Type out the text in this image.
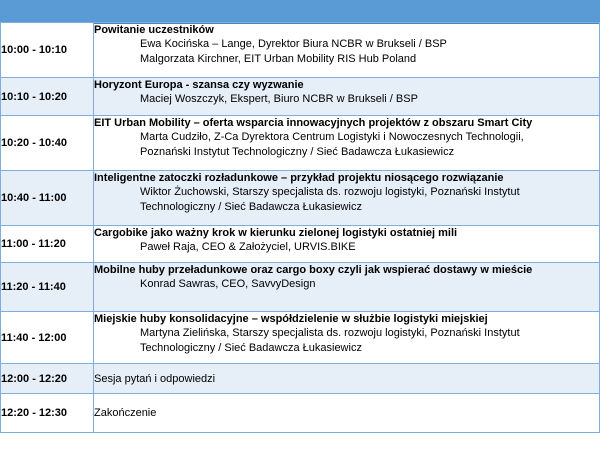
10:00 - 10:10	Powitanie uczestników
Ewa Kocińska – Lange, Dyrektor Biura NCBR w Brukseli / BSP
Malgorzata Kirchner, EIT Urban Mobility RIS Hub Poland

10:10 - 10:20	Horyzont Europa - szansa czy wyzwanie
Maciej Woszczyk, Ekspert, Biuro NCBR w Brukseli / BSP

10:20 - 10:40	EIT Urban Mobility – oferta wsparcia innowacyjnych projektów z obszaru Smart City
Marta Cudziło, Z-Ca Dyrektora Centrum Logistyki i Nowoczesnych Technologii,
Poznański Instytut Technologiczny / Sieć Badawcza Łukasiewicz

10:40 - 11:00	Inteligentne zatoczki rozładunkowe – przykład projektu niosącego rozwiązanie
Wiktor Żuchowski, Starszy specjalista ds. rozwoju logistyki, Poznański Instytut
Technologiczny / Sieć Badawcza Łukasiewicz

11:00 - 11:20	Cargobike jako ważny krok w kierunku zielonej logistyki ostatniej mili
Paweł Raja, CEO & Założyciel, URVIS.BIKE

11:20 - 11:40	Mobilne huby przeładunkowe oraz cargo boxy czyli jak wspierać dostawy w mieście
Konrad Sawras, CEO, SavvyDesign

11:40 - 12:00	Miejskie huby konsolidacyjne – współdzielenie w służbie logistyki miejskiej
Martyna Zielińska, Starszy specjalista ds. rozwoju logistyki, Poznański Instytut
Technologiczny / Sieć Badawcza Łukasiewicz

12:00 - 12:20	Sesja pytań i odpowiedzi

12:20 - 12:30	Zakończenie
